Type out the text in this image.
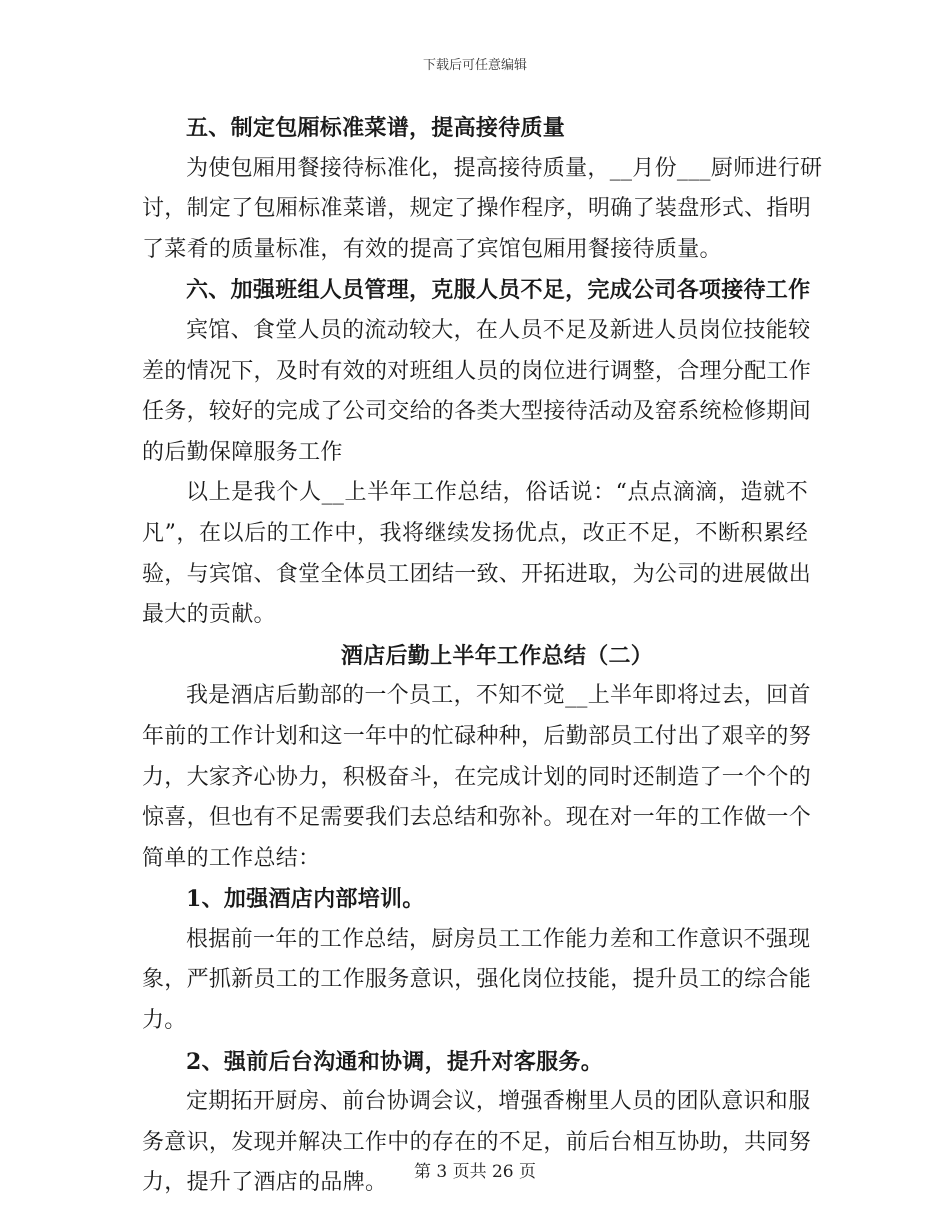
下载后可任意编辑
五、制定包厢标准菜谱，提高接待质量
为使包厢用餐接待标准化，提高接待质量，__月份___厨师进行研
讨，制定了包厢标准菜谱，规定了操作程序，明确了装盘形式、指明
了菜肴的质量标准，有效的提高了宾馆包厢用餐接待质量。
六、加强班组人员管理，克服人员不足，完成公司各项接待工作
宾馆、食堂人员的流动较大，在人员不足及新进人员岗位技能较
差的情况下，及时有效的对班组人员的岗位进行调整，合理分配工作
任务，较好的完成了公司交给的各类大型接待活动及窑系统检修期间
的后勤保障服务工作
以上是我个人__上半年工作总结，俗话说：“点点滴滴，造就不
凡”，在以后的工作中，我将继续发扬优点，改正不足，不断积累经
验，与宾馆、食堂全体员工团结一致、开拓进取，为公司的进展做出
最大的贡献。
酒店后勤上半年工作总结（二）
我是酒店后勤部的一个员工，不知不觉__上半年即将过去，回首
年前的工作计划和这一年中的忙碌种种，后勤部员工付出了艰辛的努
力，大家齐心协力，积极奋斗，在完成计划的同时还制造了一个个的
惊喜，但也有不足需要我们去总结和弥补。现在对一年的工作做一个
简单的工作总结：
1、加强酒店内部培训。
根据前一年的工作总结，厨房员工工作能力差和工作意识不强现
象，严抓新员工的工作服务意识，强化岗位技能，提升员工的综合能
力。
2、强前后台沟通和协调，提升对客服务。
定期拓开厨房、前台协调会议，增强香榭里人员的团队意识和服
务意识，发现并解决工作中的存在的不足，前后台相互协助，共同努
力，提升了酒店的品牌。	第 3 页共 26 页
